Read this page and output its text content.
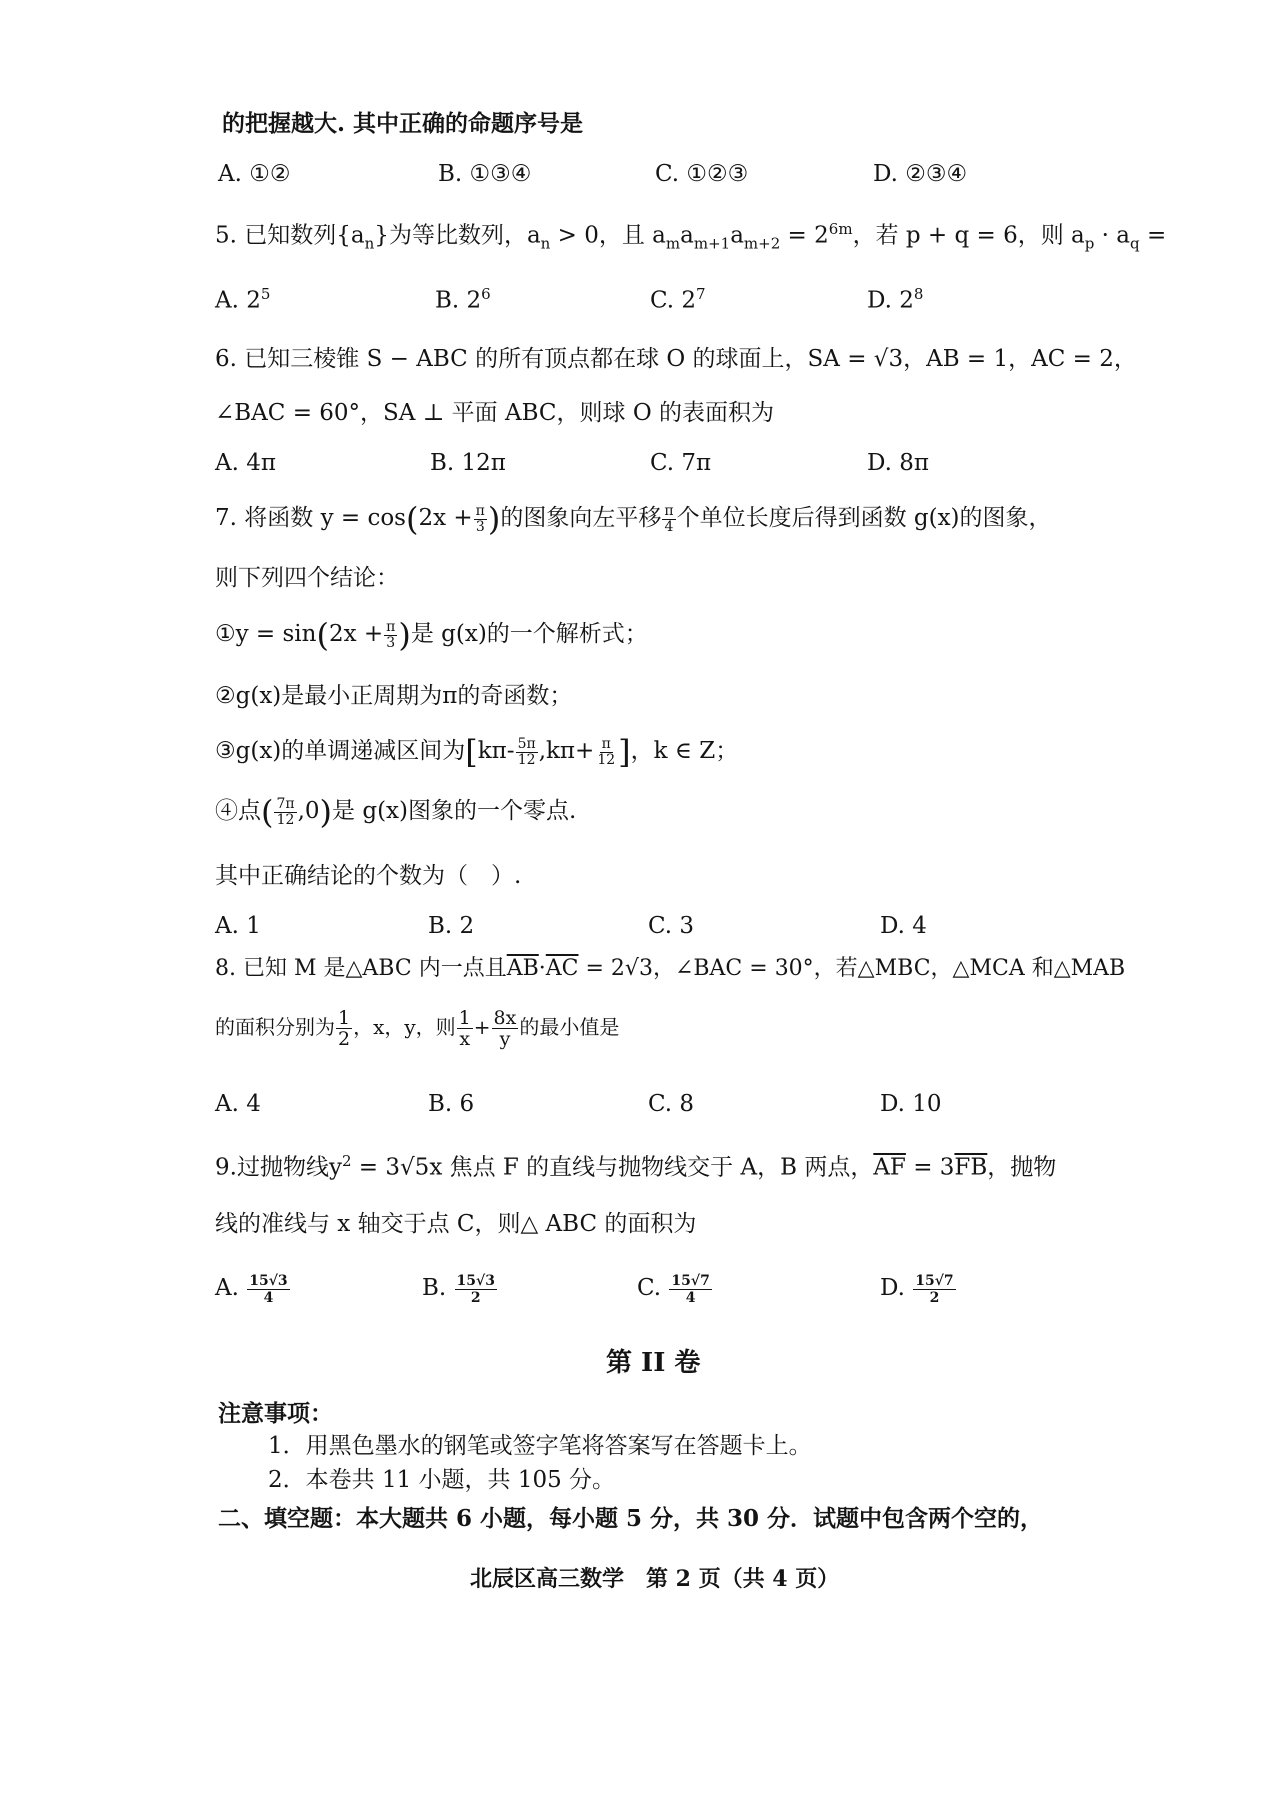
的把握越大. 其中正确的命题序号是
A. ①②	B. ①③④	C. ①②③	D. ②③④
5. 已知数列$\{a_n\}$为等比数列，$a_n > 0$，且 $a_ma_{m+1}a_{m+2} = 2^{6m}$，若 p + q = 6，则 $a_p \cdot a_q$ =
A. $2^5$	B. $2^6$	C. $2^7$	D. $2^8$
6. 已知三棱锥 S − ABC 的所有顶点都在球 O 的球面上，SA = √3，AB = 1，AC = 2，
∠BAC = 60°，SA ⊥ 平面 ABC，则球 O 的表面积为
A. 4π	B. 12π	C. 7π	D. 8π
7. 将函数 $y = \cos(2x + \frac{\pi}{3}$ )的图象向左平移 $\frac{\pi}{4}$ 个单位长度后得到函数 g(x)的图象，
则下列四个结论：
①y = $\sin(2x + \frac{\pi}{3}$ )是 g(x)的一个解析式；
②g(x)是最小正周期为π的奇函数；
③g(x)的单调递减区间为[$k\pi- \frac{5\pi}{12} ,k\pi+ \frac{\pi}{12}$ ]，k ∈ Z；
④点( $\frac{7\pi}{12} ,0$)是 g(x)图象的一个零点.
其中正确结论的个数为（　）.
A. 1	B. 2	C. 3	D. 4
8. 已知 M 是△ABC 内一点且$\overline{AB}\cdot\overline{AC} = 2√3$，∠BAC = 30°，若△MBC，△MCA 和△MAB
的面积分别为 $\frac{1}{2}$ ，x，y，则 $\frac{1}{x} + \frac{8x}{y}$ 的最小值是
A. 4	B. 6	C. 8	D. 10
9.过抛物线$y^2 = 3√5x$ 焦点 F 的直线与抛物线交于 A，B 两点，$\overline{AF} = 3\overline{FB}$，抛物
线的准线与 x 轴交于点 C，则△ ABC 的面积为
A. $\frac{15√3}{4}$	B. $\frac{15√3}{2}$	C. $\frac{15√7}{4}$	D. $\frac{15√7}{2}$
第 II 卷
注意事项：
1．用黑色墨水的钢笔或签字笔将答案写在答题卡上。
2．本卷共 11 小题，共 105 分。
二、填空题：本大题共 6 小题，每小题 5 分，共 30 分．试题中包含两个空的，
北辰区高三数学　第 2 页（共 4 页）
